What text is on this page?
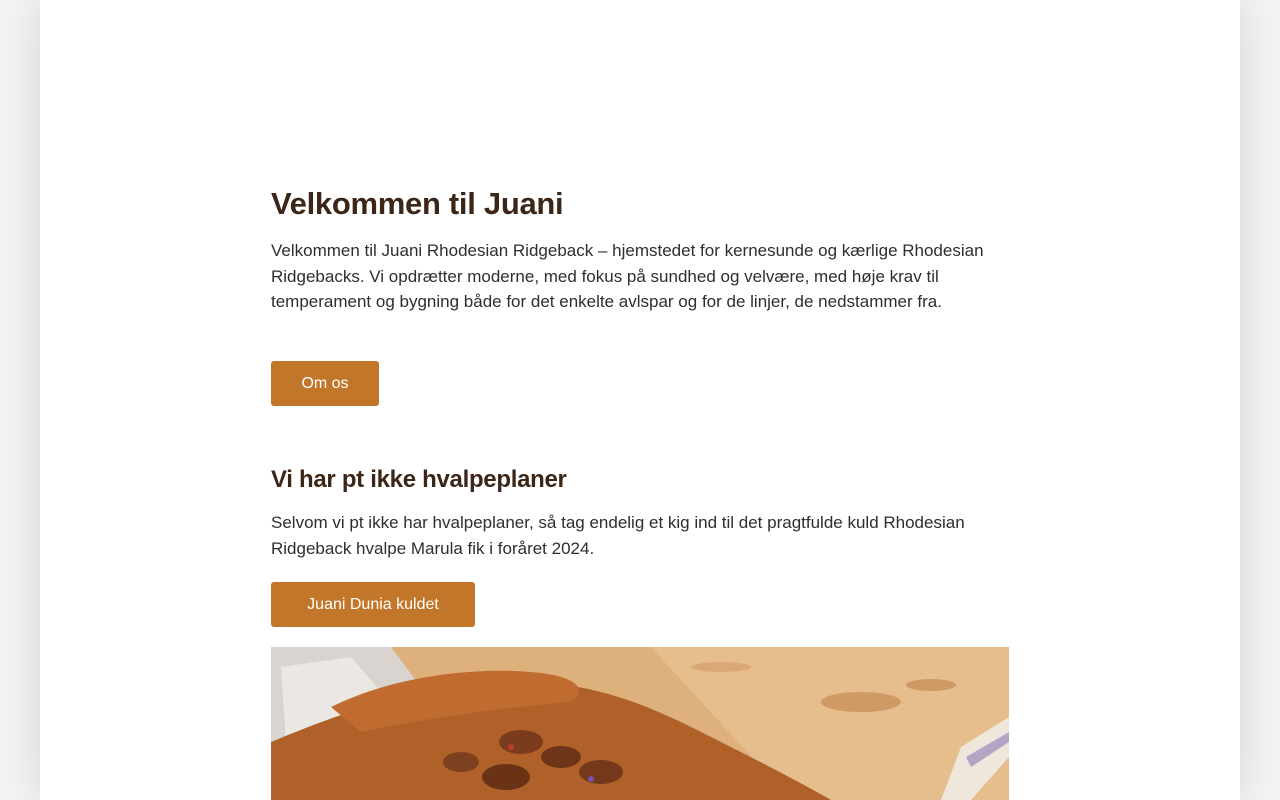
Velkommen til Juani

Velkommen til Juani Rhodesian Ridgeback – hjemstedet for kernesunde og kærlige Rhodesian Ridgebacks. Vi opdrætter moderne, med fokus på sundhed og velvære, med høje krav til temperament og bygning både for det enkelte avlspar og for de linjer, de nedstammer fra.

Om os
Vi har pt ikke hvalpeplaner

Selvom vi pt ikke har hvalpeplaner, så tag endelig et kig ind til det pragtfulde kuld Rhodesian Ridgeback hvalpe Marula fik i foråret 2024.

Juani Dunia kuldet
